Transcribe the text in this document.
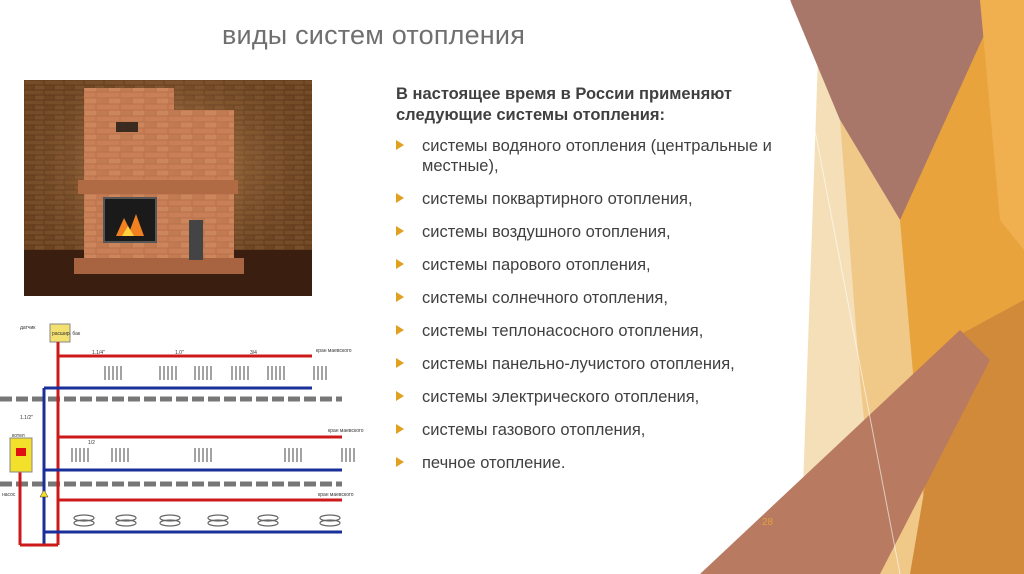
виды систем отопления
расшир. бак
датчик
котел
насос
кран маевского
1.1/4"	1.0"	3/4
кран маевского
1.1/2"
1/2
кран маевского

В настоящее время в России применяют следующие системы отопления:

системы водяного отопления (центральные и местные),
системы поквартирного отопления,
системы воздушного отопления,
системы парового отопления,
системы солнечного отопления,
системы теплонасосного отопления,
системы панельно-лучистого отопления,
системы электрического отопления,
системы газового отопления,
печное отопление.
28
